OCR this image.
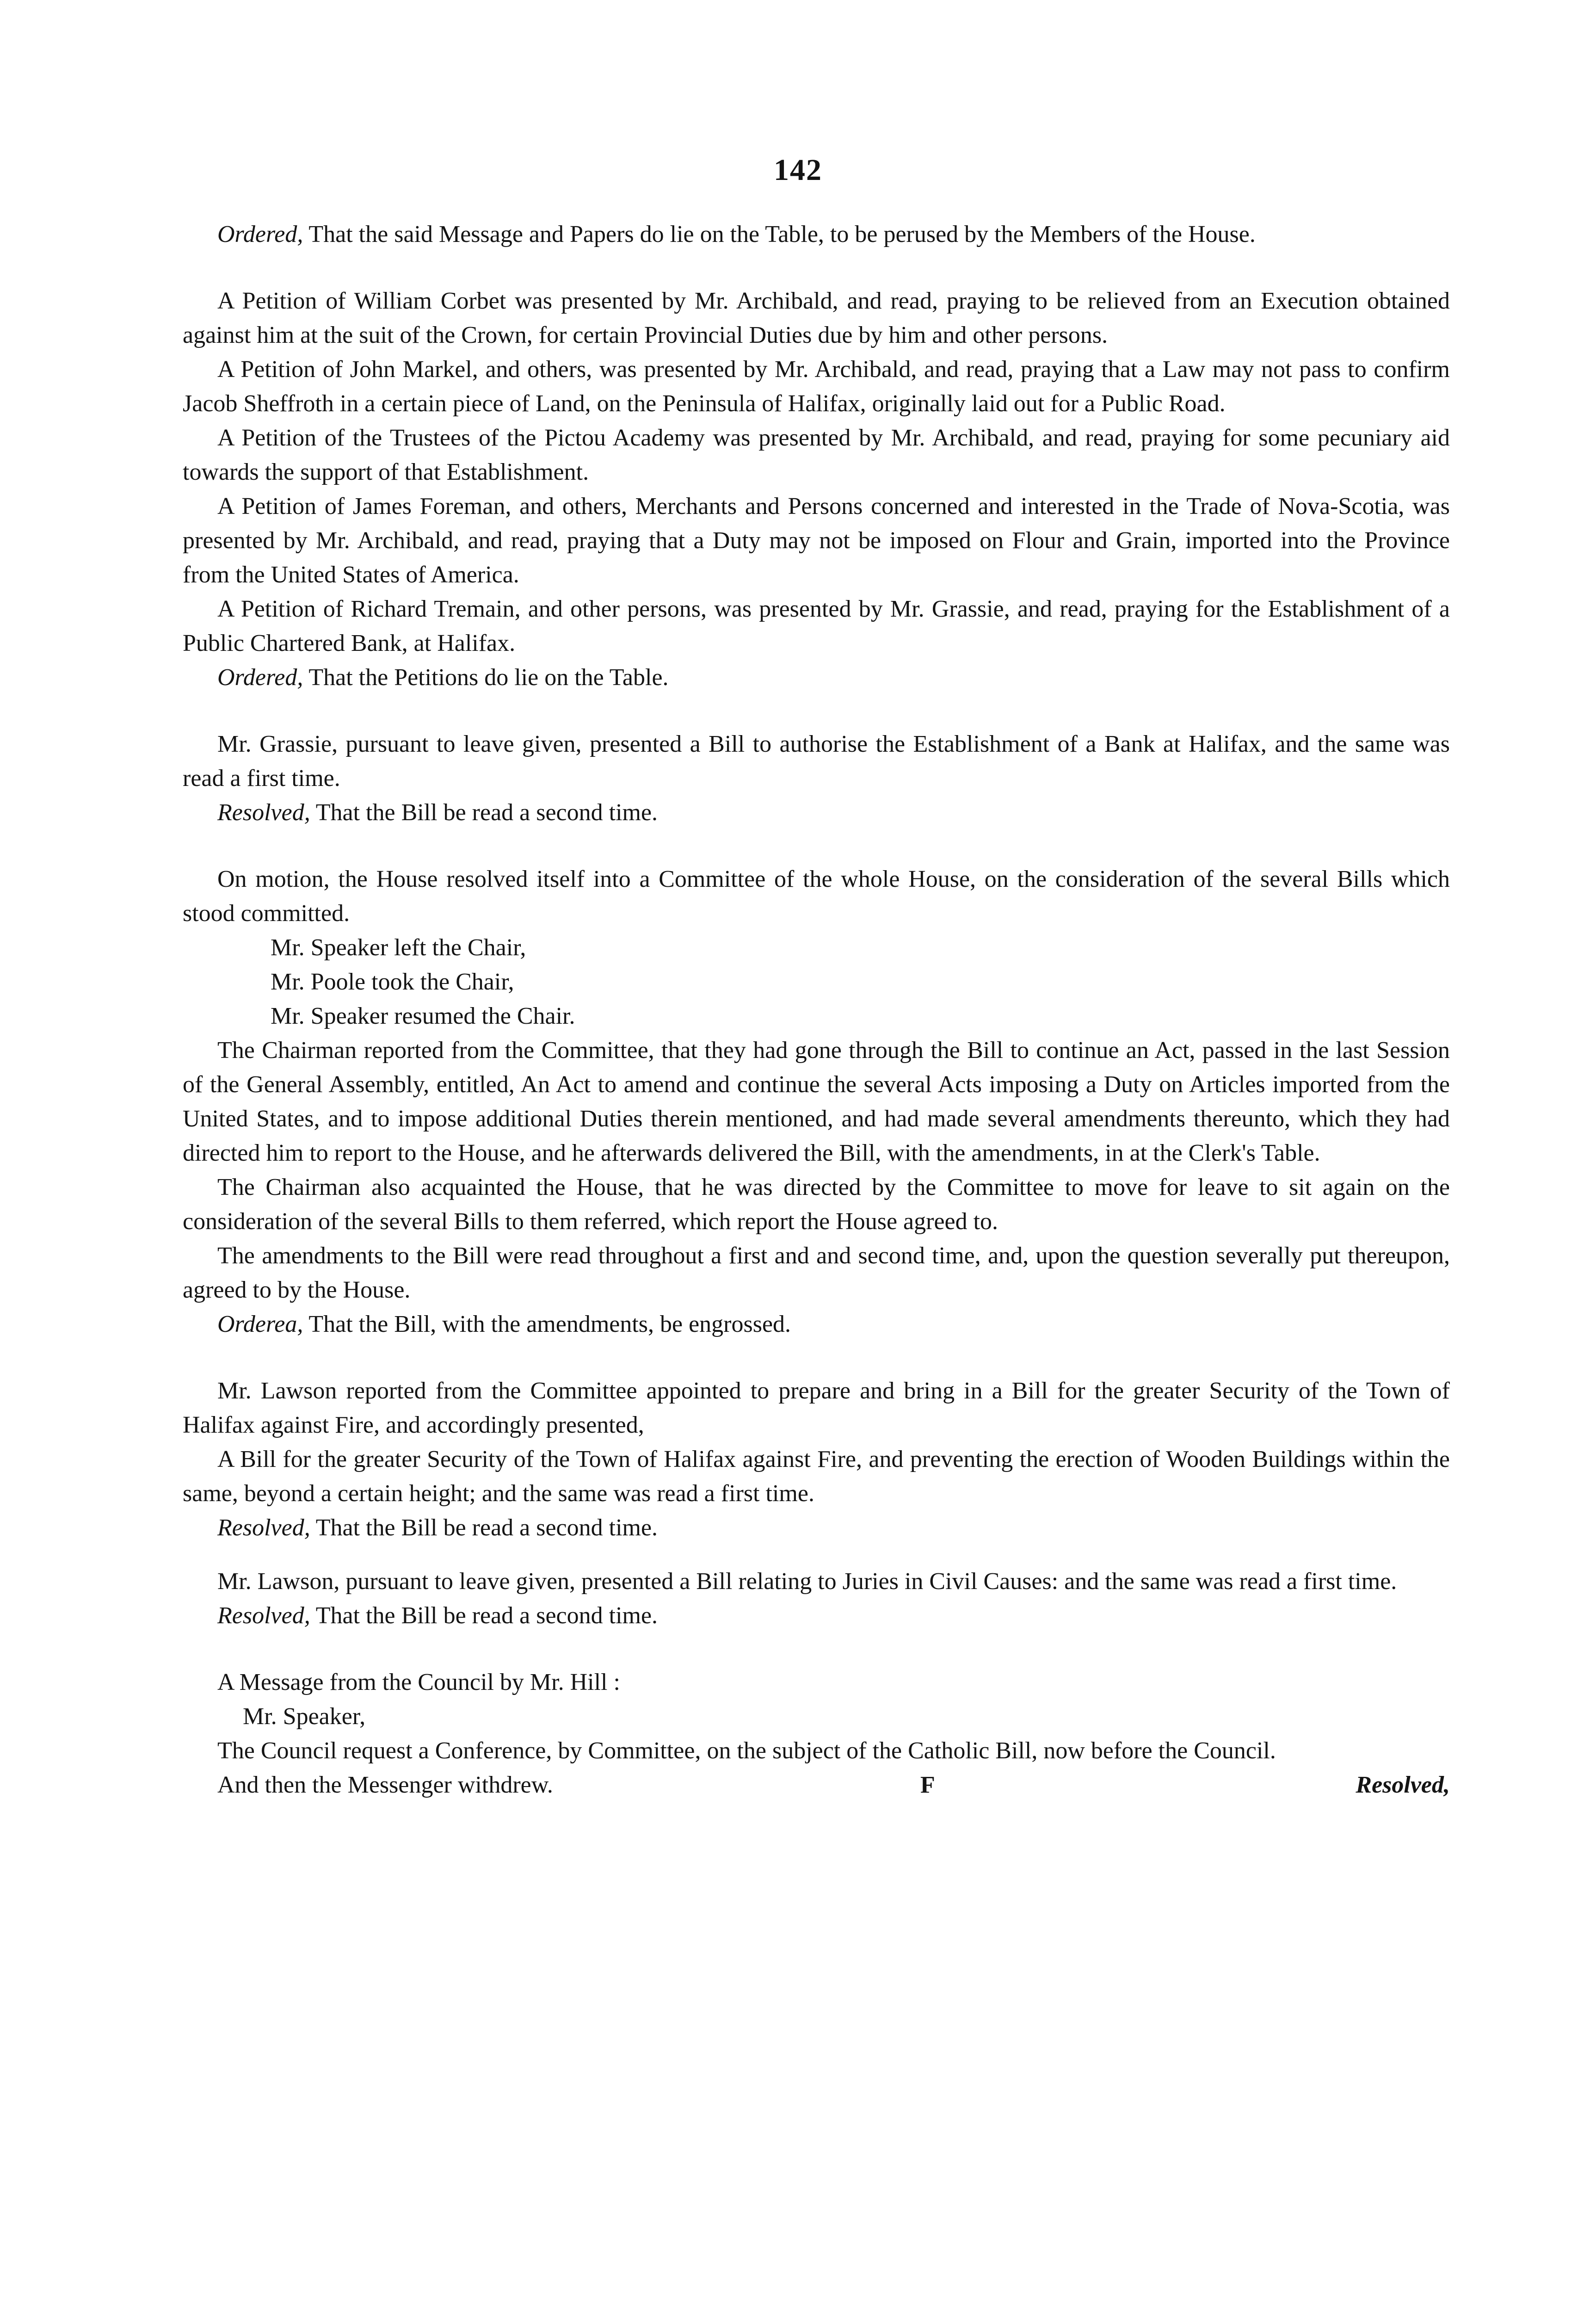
142

Ordered, That the said Message and Papers do lie on the Table, to be perused by the Members of the House.

A Petition of William Corbet was presented by Mr. Archibald, and read, praying to be relieved from an Execution obtained against him at the suit of the Crown, for certain Provincial Duties due by him and other persons.

A Petition of John Markel, and others, was presented by Mr. Archibald, and read, praying that a Law may not pass to confirm Jacob Sheffroth in a certain piece of Land, on the Peninsula of Halifax, originally laid out for a Public Road.

A Petition of the Trustees of the Pictou Academy was presented by Mr. Archibald, and read, praying for some pecuniary aid towards the support of that Establishment.

A Petition of James Foreman, and others, Merchants and Persons concerned and interested in the Trade of Nova-Scotia, was presented by Mr. Archibald, and read, praying that a Duty may not be imposed on Flour and Grain, imported into the Province from the United States of America.

A Petition of Richard Tremain, and other persons, was presented by Mr. Grassie, and read, praying for the Establishment of a Public Chartered Bank, at Halifax.

Ordered, That the Petitions do lie on the Table.

Mr. Grassie, pursuant to leave given, presented a Bill to authorise the Establishment of a Bank at Halifax, and the same was read a first time.

Resolved, That the Bill be read a second time.

On motion, the House resolved itself into a Committee of the whole House, on the consideration of the several Bills which stood committed.

Mr. Speaker left the Chair,

Mr. Poole took the Chair,

Mr. Speaker resumed the Chair.

The Chairman reported from the Committee, that they had gone through the Bill to continue an Act, passed in the last Session of the General Assembly, entitled, An Act to amend and continue the several Acts imposing a Duty on Articles imported from the United States, and to impose additional Duties therein mentioned, and had made several amendments thereunto, which they had directed him to report to the House, and he afterwards delivered the Bill, with the amendments, in at the Clerk's Table.

The Chairman also acquainted the House, that he was directed by the Committee to move for leave to sit again on the consideration of the several Bills to them referred, which report the House agreed to.

The amendments to the Bill were read throughout a first and and second time, and, upon the question severally put thereupon, agreed to by the House.

Orderea, That the Bill, with the amendments, be engrossed.

Mr. Lawson reported from the Committee appointed to prepare and bring in a Bill for the greater Security of the Town of Halifax against Fire, and accordingly presented,

A Bill for the greater Security of the Town of Halifax against Fire, and preventing the erection of Wooden Buildings within the same, beyond a certain height; and the same was read a first time.

Resolved, That the Bill be read a second time.

Mr. Lawson, pursuant to leave given, presented a Bill relating to Juries in Civil Causes: and the same was read a first time.

Resolved, That the Bill be read a second time.

A Message from the Council by Mr. Hill :

Mr. Speaker,

The Council request a Conference, by Committee, on the subject of the Catholic Bill, now before the Council.

And then the Messenger withdrew.	F	Resolved,
